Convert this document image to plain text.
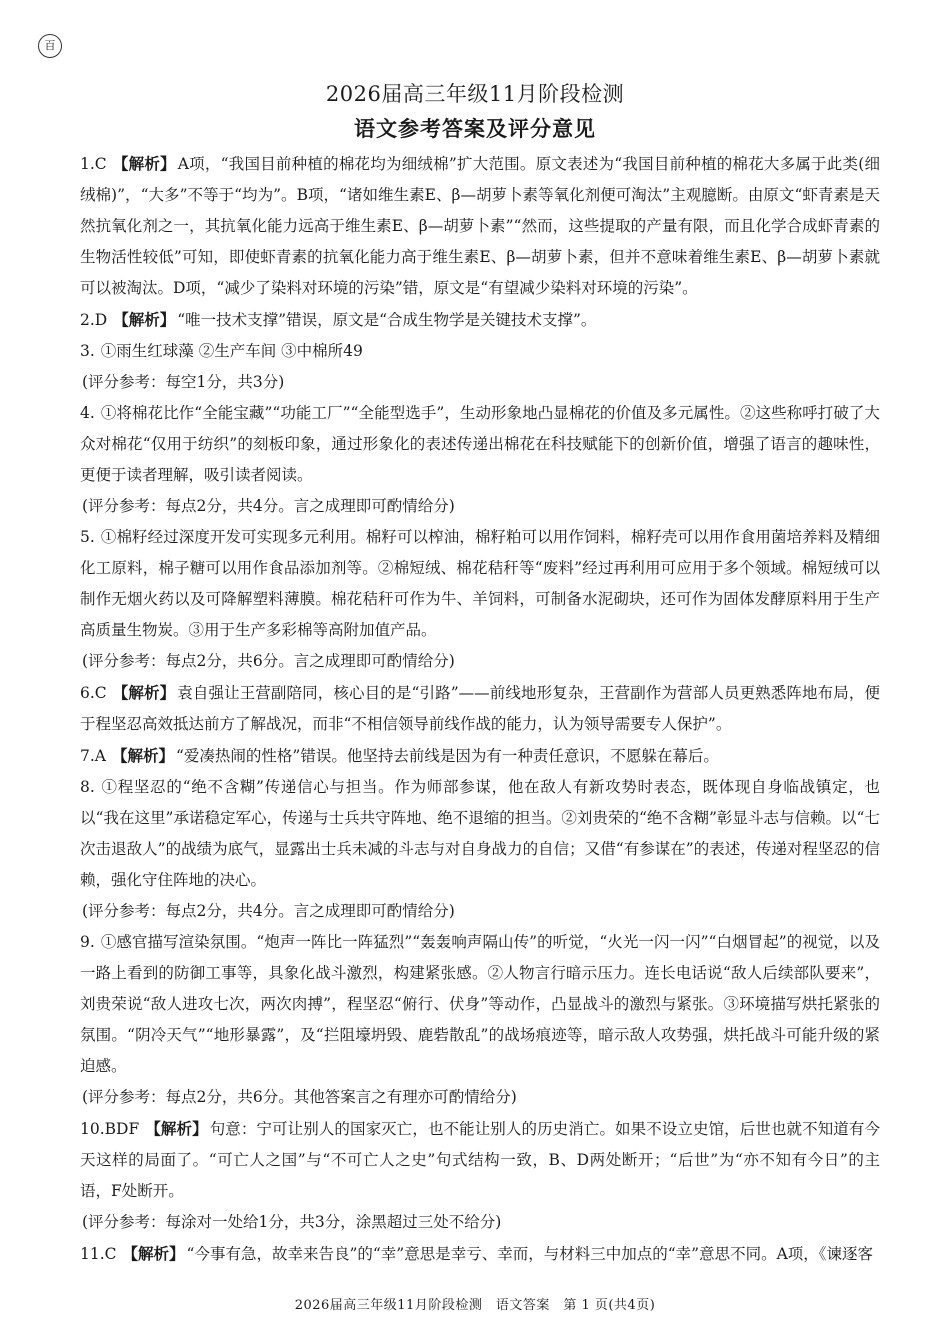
百
2026届高三年级11月阶段检测
语文参考答案及评分意见

1.C 【解析】 A项，“我国目前种植的棉花均为细绒棉”扩大范围。原文表述为“我国目前种植的棉花大多属于此类(细绒棉)”，“大多”不等于“均为”。B项，“诸如维生素E、β—胡萝卜素等氧化剂便可淘汰”主观臆断。由原文“虾青素是天然抗氧化剂之一，其抗氧化能力远高于维生素E、β—胡萝卜素”“然而，这些提取的产量有限，而且化学合成虾青素的生物活性较低”可知，即使虾青素的抗氧化能力高于维生素E、β—胡萝卜素，但并不意味着维生素E、β—胡萝卜素就可以被淘汰。D项，“减少了染料对环境的污染”错，原文是“有望减少染料对环境的污染”。

2.D 【解析】 “唯一技术支撑”错误，原文是“合成生物学是关键技术支撑”。

3. ①雨生红球藻 ②生产车间 ③中棉所49

(评分参考：每空1分，共3分)

4. ①将棉花比作“全能宝藏”“功能工厂”“全能型选手”，生动形象地凸显棉花的价值及多元属性。②这些称呼打破了大众对棉花“仅用于纺织”的刻板印象，通过形象化的表述传递出棉花在科技赋能下的创新价值，增强了语言的趣味性，更便于读者理解，吸引读者阅读。

(评分参考：每点2分，共4分。言之成理即可酌情给分)

5. ①棉籽经过深度开发可实现多元利用。棉籽可以榨油，棉籽粕可以用作饲料，棉籽壳可以用作食用菌培养料及精细化工原料，棉子糖可以用作食品添加剂等。②棉短绒、棉花秸秆等“废料”经过再利用可应用于多个领域。棉短绒可以制作无烟火药以及可降解塑料薄膜。棉花秸秆可作为牛、羊饲料，可制备水泥砌块，还可作为固体发酵原料用于生产高质量生物炭。③用于生产多彩棉等高附加值产品。

(评分参考：每点2分，共6分。言之成理即可酌情给分)

6.C 【解析】 袁自强让王营副陪同，核心目的是“引路”——前线地形复杂，王营副作为营部人员更熟悉阵地布局，便于程坚忍高效抵达前方了解战况，而非“不相信领导前线作战的能力，认为领导需要专人保护”。

7.A 【解析】 “爱凑热闹的性格”错误。他坚持去前线是因为有一种责任意识，不愿躲在幕后。

8. ①程坚忍的“绝不含糊”传递信心与担当。作为师部参谋，他在敌人有新攻势时表态，既体现自身临战镇定，也以“我在这里”承诺稳定军心，传递与士兵共守阵地、绝不退缩的担当。②刘贵荣的“绝不含糊”彰显斗志与信赖。以“七次击退敌人”的战绩为底气，显露出士兵未减的斗志与对自身战力的自信；又借“有参谋在”的表述，传递对程坚忍的信赖，强化守住阵地的决心。

(评分参考：每点2分，共4分。言之成理即可酌情给分)

9. ①感官描写渲染氛围。“炮声一阵比一阵猛烈”“轰轰响声隔山传”的听觉，“火光一闪一闪”“白烟冒起”的视觉，以及一路上看到的防御工事等，具象化战斗激烈，构建紧张感。②人物言行暗示压力。连长电话说“敌人后续部队要来”，刘贵荣说“敌人进攻七次，两次肉搏”，程坚忍“俯行、伏身”等动作，凸显战斗的激烈与紧张。③环境描写烘托紧张的氛围。“阴冷天气”“地形暴露”，及“拦阻壕坍毁、鹿砦散乱”的战场痕迹等，暗示敌人攻势强，烘托战斗可能升级的紧迫感。

(评分参考：每点2分，共6分。其他答案言之有理亦可酌情给分)

10.BDF 【解析】 句意：宁可让别人的国家灭亡，也不能让别人的历史消亡。如果不设立史馆，后世也就不知道有今天这样的局面了。“可亡人之国”与“不可亡人之史”句式结构一致，B、D两处断开；“后世”为“亦不知有今日”的主语，F处断开。

(评分参考：每涂对一处给1分，共3分，涂黑超过三处不给分)

11.C 【解析】 “今事有急，故幸来告良”的“幸”意思是幸亏、幸而，与材料三中加点的“幸”意思不同。A项，《谏逐客

2026届高三年级11月阶段检测　语文答案　第 1 页(共4页)
